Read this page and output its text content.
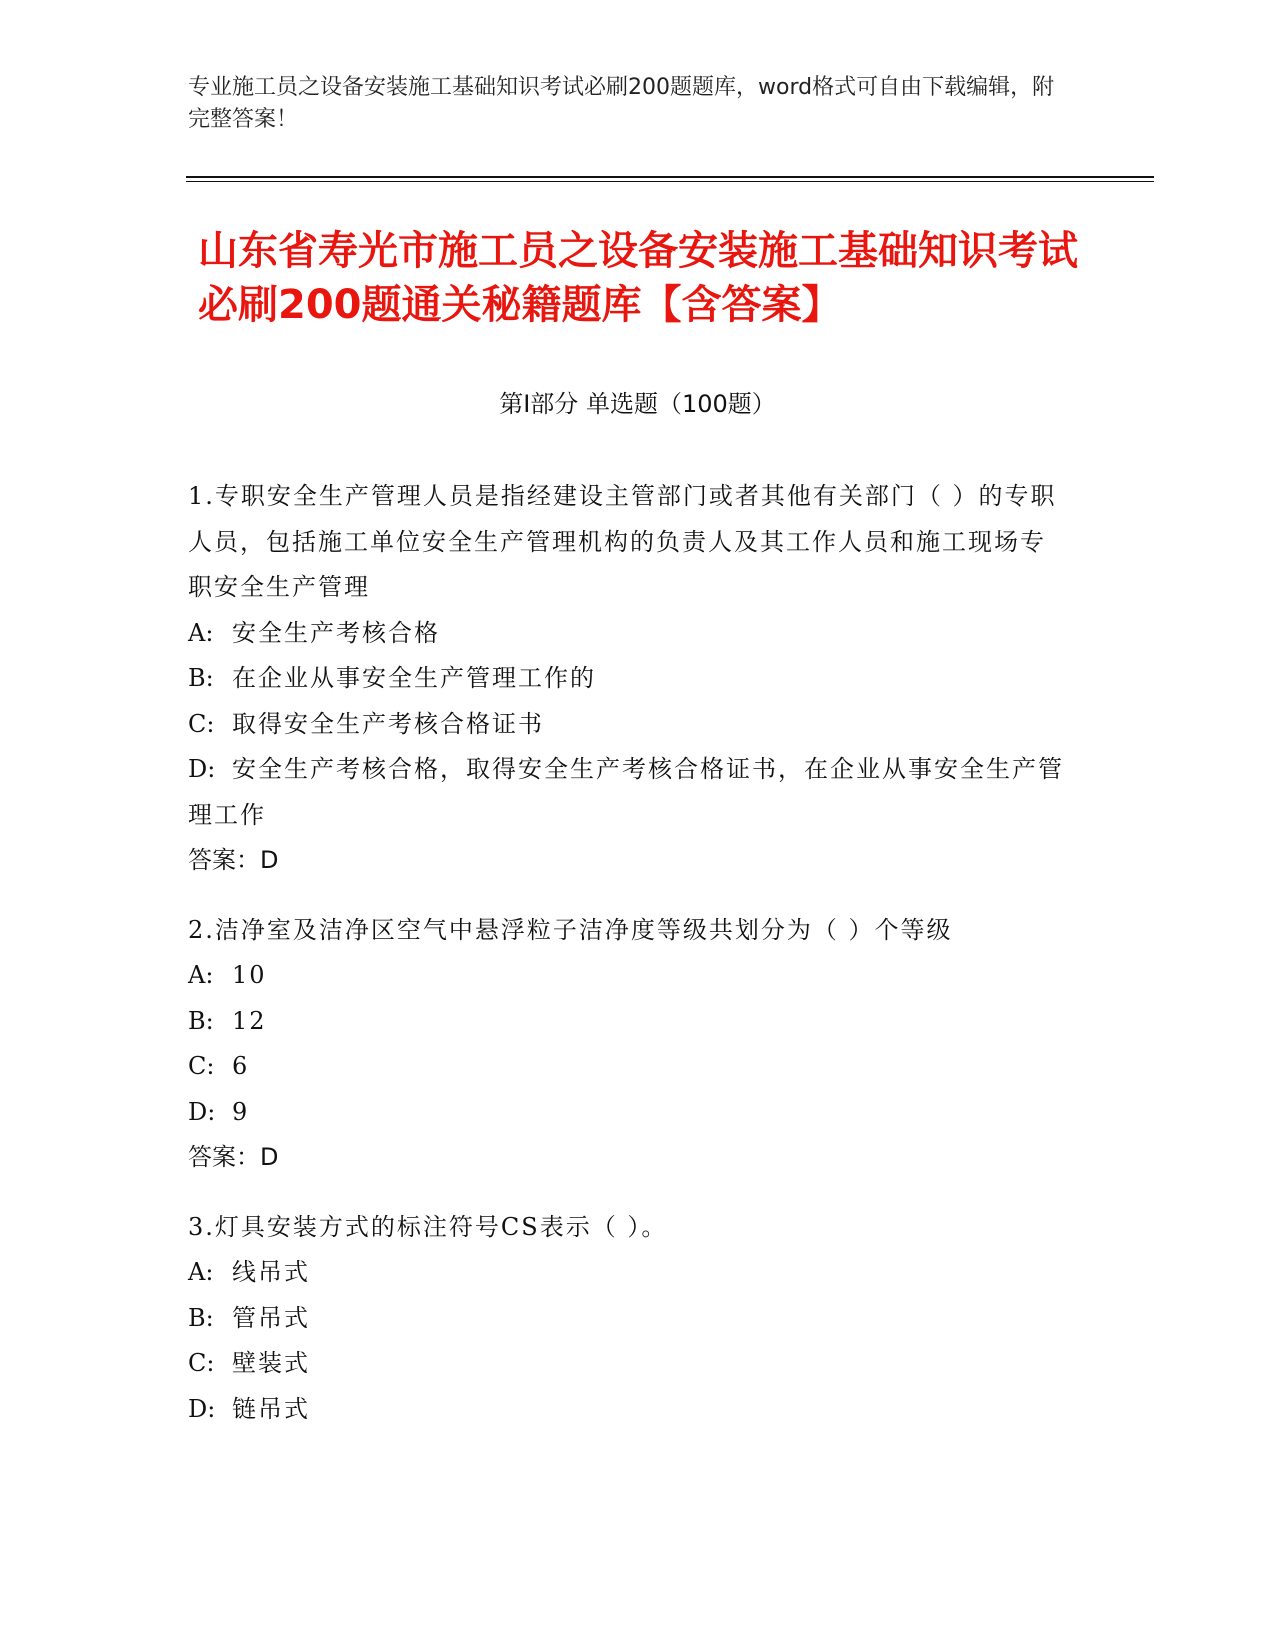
专业施工员之设备安装施工基础知识考试必刷200题题库，word格式可自由下载编辑，附完整答案！
山东省寿光市施工员之设备安装施工基础知识考试必刷200题通关秘籍题库【含答案】
第Ⅰ部分 单选题（100题）
1.专职安全生产管理人员是指经建设主管部门或者其他有关部门（ ）的专职人员，包括施工单位安全生产管理机构的负责人及其工作人员和施工现场专职安全生产管理
A: 安全生产考核合格
B: 在企业从事安全生产管理工作的
C: 取得安全生产考核合格证书
D: 安全生产考核合格，取得安全生产考核合格证书，在企业从事安全生产管理工作
答案：D
2.洁净室及洁净区空气中悬浮粒子洁净度等级共划分为（ ）个等级
A: 10
B: 12
C: 6
D: 9
答案：D
3.灯具安装方式的标注符号CS表示（ ）。
A: 线吊式
B: 管吊式
C: 壁装式
D: 链吊式
